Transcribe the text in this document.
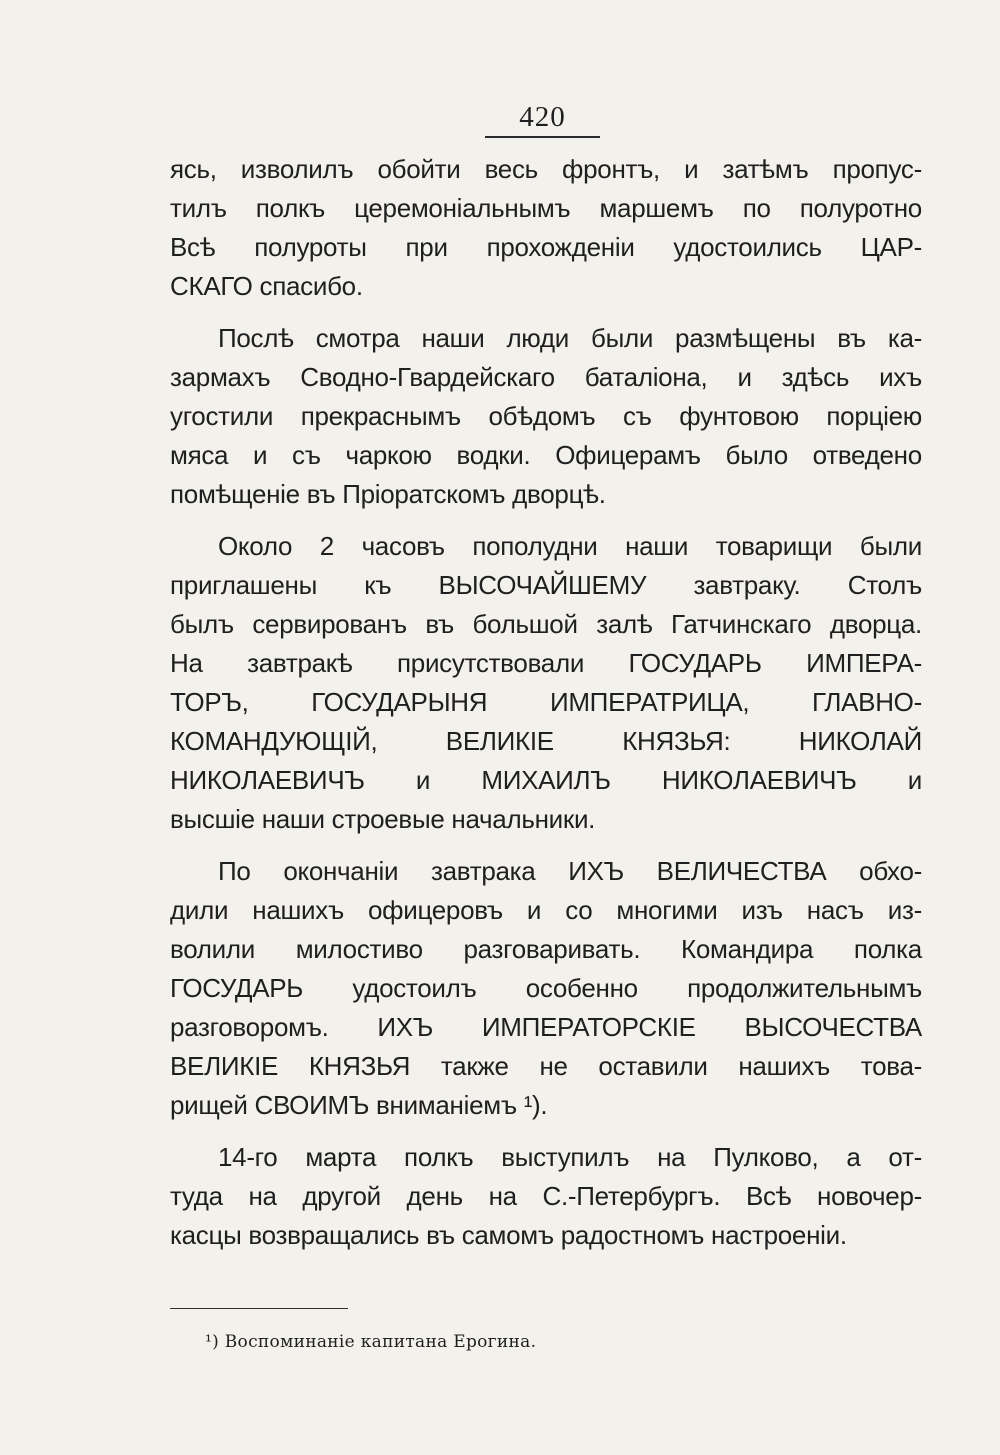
420
ясь, изволилъ обойти весь фронтъ, и затѣмъ пропус-
тилъ полкъ церемоніальнымъ маршемъ по полуротно
Всѣ полуроты при прохожденіи удостоились ЦАР-
СКАГО спасибо.
Послѣ смотра наши люди были размѣщены въ ка-
зармахъ Сводно-Гвардейскаго баталіона, и здѣсь ихъ
угостили прекраснымъ обѣдомъ съ фунтовою порціею
мяса и съ чаркою водки. Офицерамъ было отведено
помѣщеніе въ Пріоратскомъ дворцѣ.
Около 2 часовъ пополудни наши товарищи были
приглашены къ ВЫСОЧАЙШЕМУ завтраку. Столъ
былъ сервированъ въ большой залѣ Гатчинскаго дворца.
На завтракѣ присутствовали ГОСУДАРЬ ИМПЕРА-
ТОРЪ, ГОСУДАРЫНЯ ИМПЕРАТРИЦА, ГЛАВНО-
КОМАНДУЮЩІЙ,	ВЕЛИКІЕ	КНЯЗЬЯ:	НИКОЛАЙ
НИКОЛАЕВИЧЪ и МИХАИЛЪ НИКОЛАЕВИЧЪ и
высшіе наши строевые начальники.
По окончаніи завтрака ИХЪ ВЕЛИЧЕСТВА обхо-
дили нашихъ офицеровъ и со многими изъ насъ из-
волили милостиво разговаривать. Командира полка
ГОСУДАРЬ удостоилъ особенно продолжительнымъ
разговоромъ. ИХЪ ИМПЕРАТОРСКІЕ ВЫСОЧЕСТВА
ВЕЛИКІЕ КНЯЗЬЯ также не оставили нашихъ това-
рищей СВОИМЪ вниманіемъ ¹).
14-го марта полкъ выступилъ на Пулково, а от-
туда на другой день на С.-Петербургъ. Всѣ новочер-
касцы возвращались въ самомъ радостномъ настроеніи.
¹) Воспоминаніе капитана Ерогина.
